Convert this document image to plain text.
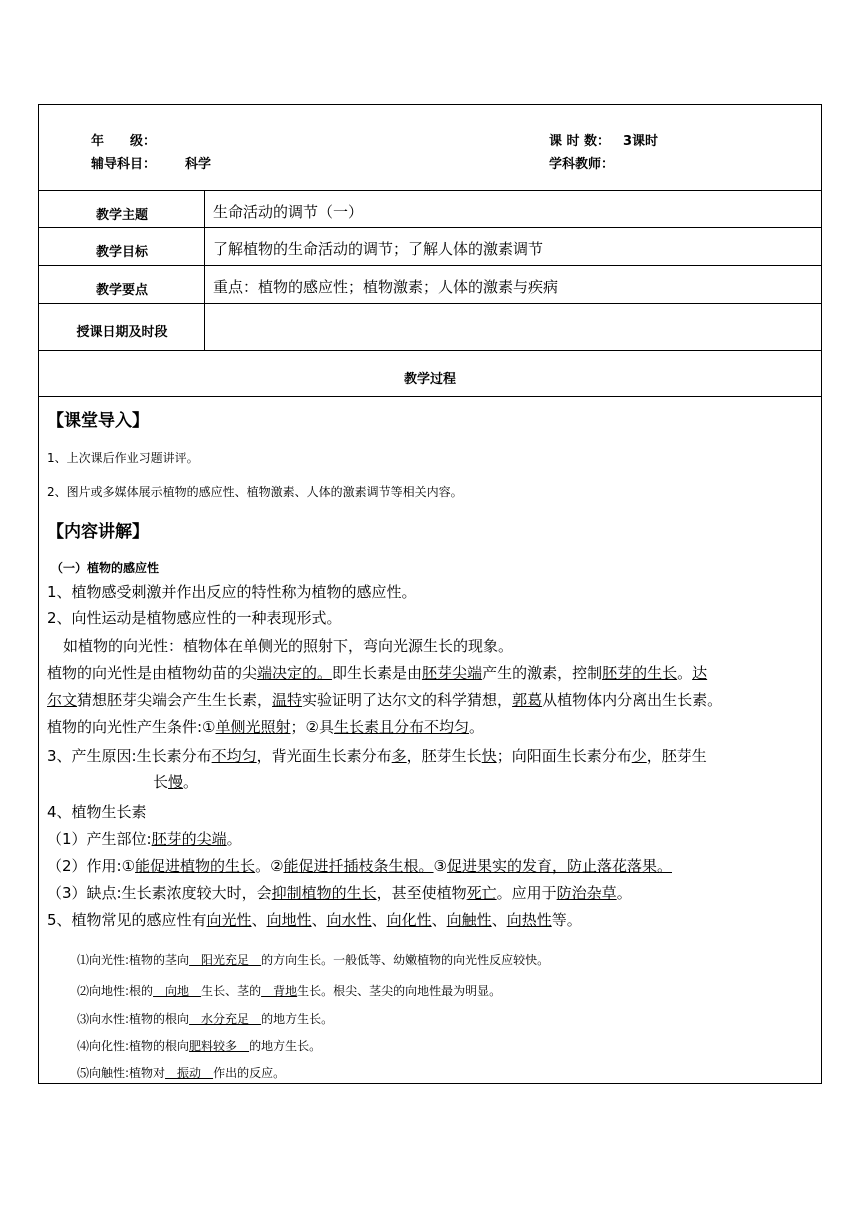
年　　级：
辅导科目： 科学
课 时 数： 3课时
学科教师：
教学主题	生命活动的调节（一）
教学目标	了解植物的生命活动的调节；了解人体的激素调节
教学要点	重点：植物的感应性；植物激素；人体的激素与疾病
授课日期及时段
教学过程
【课堂导入】
1、上次课后作业习题讲评。
2、图片或多媒体展示植物的感应性、植物激素、人体的激素调节等相关内容。
【内容讲解】
（一）植物的感应性
1、植物感受刺激并作出反应的特性称为植物的感应性。
2、向性运动是植物感应性的一种表现形式。
如植物的向光性：植物体在单侧光的照射下，弯向光源生长的现象。
植物的向光性是由植物幼苗的尖端决定的。即生长素是由胚芽尖端产生的激素，控制胚芽的生长。达
尔文猜想胚芽尖端会产生生长素，温特实验证明了达尔文的科学猜想，郭葛从植物体内分离出生长素。
植物的向光性产生条件:①单侧光照射；②具生长素且分布不均匀。
3、产生原因:生长素分布不均匀，背光面生长素分布多，胚芽生长快；向阳面生长素分布少，胚芽生
长慢。
4、植物生长素
（1）产生部位:胚芽的尖端。
（2）作用:①能促进植物的生长。②能促进扦插枝条生根。③促进果实的发育，防止落花落果。
（3）缺点:生长素浓度较大时，会抑制植物的生长，甚至使植物死亡。应用于防治杂草。
5、植物常见的感应性有向光性、向地性、向水性、向化性、向触性、向热性等。
⑴向光性:植物的茎向　阳光充足　的方向生长。一般低等、幼嫩植物的向光性反应较快。
⑵向地性:根的　向地　生长、茎的　背地生长。根尖、茎尖的向地性最为明显。
⑶向水性:植物的根向　水分充足　的地方生长。
⑷向化性:植物的根向肥料较多　的地方生长。
⑸向触性:植物对　振动　作出的反应。
